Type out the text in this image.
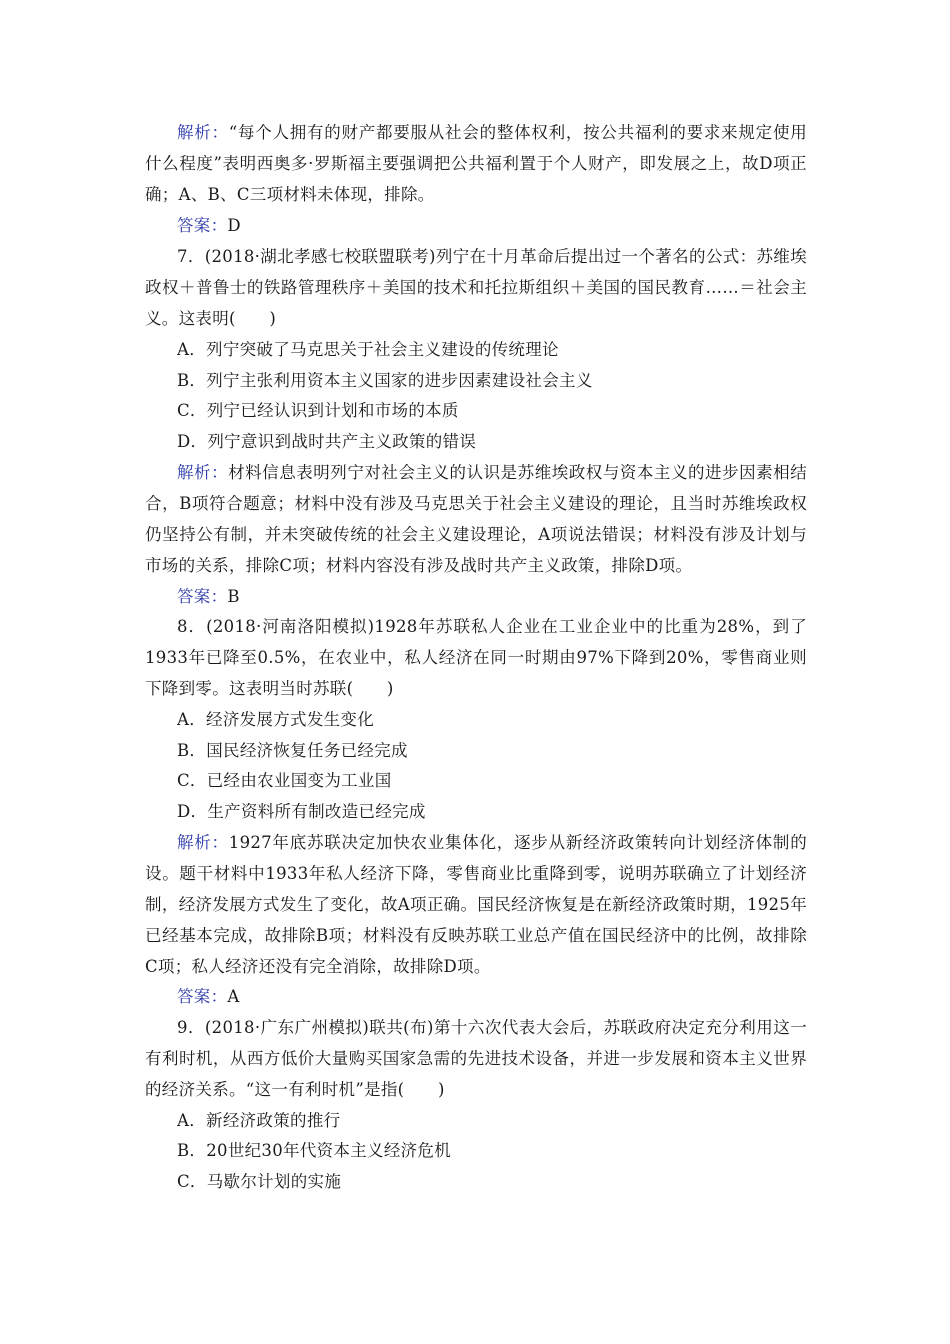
解析：“每个人拥有的财产都要服从社会的整体权利，按公共福利的要求来规定使用
什么程度”表明西奥多·罗斯福主要强调把公共福利置于个人财产，即发展之上，故D项正
确；A、B、C三项材料未体现，排除。
答案：D
7．(2018·湖北孝感七校联盟联考)列宁在十月革命后提出过一个著名的公式：苏维埃
政权＋普鲁士的铁路管理秩序＋美国的技术和托拉斯组织＋美国的国民教育……＝社会主
义。这表明(　　)
A．列宁突破了马克思关于社会主义建设的传统理论
B．列宁主张利用资本主义国家的进步因素建设社会主义
C．列宁已经认识到计划和市场的本质
D．列宁意识到战时共产主义政策的错误
解析：材料信息表明列宁对社会主义的认识是苏维埃政权与资本主义的进步因素相结
合，B项符合题意；材料中没有涉及马克思关于社会主义建设的理论，且当时苏维埃政权
仍坚持公有制，并未突破传统的社会主义建设理论，A项说法错误；材料没有涉及计划与
市场的关系，排除C项；材料内容没有涉及战时共产主义政策，排除D项。
答案：B
8．(2018·河南洛阳模拟)1928年苏联私人企业在工业企业中的比重为28%，到了
1933年已降至0.5%，在农业中，私人经济在同一时期由97%下降到20%，零售商业则
下降到零。这表明当时苏联(　　)
A．经济发展方式发生变化
B．国民经济恢复任务已经完成
C．已经由农业国变为工业国
D．生产资料所有制改造已经完成
解析：1927年底苏联决定加快农业集体化，逐步从新经济政策转向计划经济体制的
设。题干材料中1933年私人经济下降，零售商业比重降到零，说明苏联确立了计划经济
制，经济发展方式发生了变化，故A项正确。国民经济恢复是在新经济政策时期，1925年
已经基本完成，故排除B项；材料没有反映苏联工业总产值在国民经济中的比例，故排除
C项；私人经济还没有完全消除，故排除D项。
答案：A
9．(2018·广东广州模拟)联共(布)第十六次代表大会后，苏联政府决定充分利用这一
有利时机，从西方低价大量购买国家急需的先进技术设备，并进一步发展和资本主义世界
的经济关系。“这一有利时机”是指(　　)
A．新经济政策的推行
B．20世纪30年代资本主义经济危机
C．马歇尔计划的实施
